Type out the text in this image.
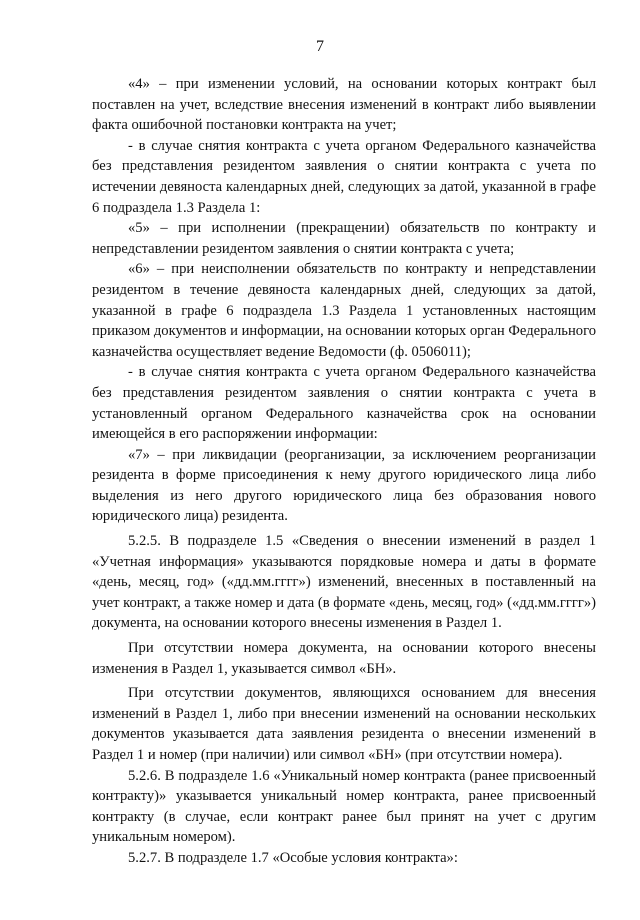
7

«4» – при изменении условий, на основании которых контракт был поставлен на учет, вследствие внесения изменений в контракт либо выявлении факта ошибочной постановки контракта на учет;

- в случае снятия контракта с учета органом Федерального казначейства без представления резидентом заявления о снятии контракта с учета по истечении девяноста календарных дней, следующих за датой, указанной в графе 6 подраздела 1.3 Раздела 1:

«5» – при исполнении (прекращении) обязательств по контракту и непредставлении резидентом заявления о снятии контракта с учета;

«6» – при неисполнении обязательств по контракту и непредставлении резидентом в течение девяноста календарных дней, следующих за датой, указанной в графе 6 подраздела 1.3 Раздела 1 установленных настоящим приказом документов и информации, на основании которых орган Федерального казначейства осуществляет ведение Ведомости (ф. 0506011);

- в случае снятия контракта с учета органом Федерального казначейства без представления резидентом заявления о снятии контракта с учета в установленный органом Федерального казначейства срок на основании имеющейся в его распоряжении информации:

«7» – при ликвидации (реорганизации, за исключением реорганизации резидента в форме присоединения к нему другого юридического лица либо выделения из него другого юридического лица без образования нового юридического лица) резидента.

5.2.5. В подразделе 1.5 «Сведения о внесении изменений в раздел 1 «Учетная информация» указываются порядковые номера и даты в формате «день, месяц, год» («дд.мм.гггг») изменений, внесенных в поставленный на учет контракт, а также номер и дата (в формате «день, месяц, год» («дд.мм.гггг») документа, на основании которого внесены изменения в Раздел 1.

При отсутствии номера документа, на основании которого внесены изменения в Раздел 1, указывается символ «БН».

При отсутствии документов, являющихся основанием для внесения изменений в Раздел 1, либо при внесении изменений на основании нескольких документов указывается дата заявления резидента о внесении изменений в Раздел 1 и номер (при наличии) или символ «БН» (при отсутствии номера).

5.2.6. В подразделе 1.6 «Уникальный номер контракта (ранее присвоенный контракту)» указывается уникальный номер контракта, ранее присвоенный контракту (в случае, если контракт ранее был принят на учет с другим уникальным номером).

5.2.7. В подразделе 1.7 «Особые условия контракта»:
